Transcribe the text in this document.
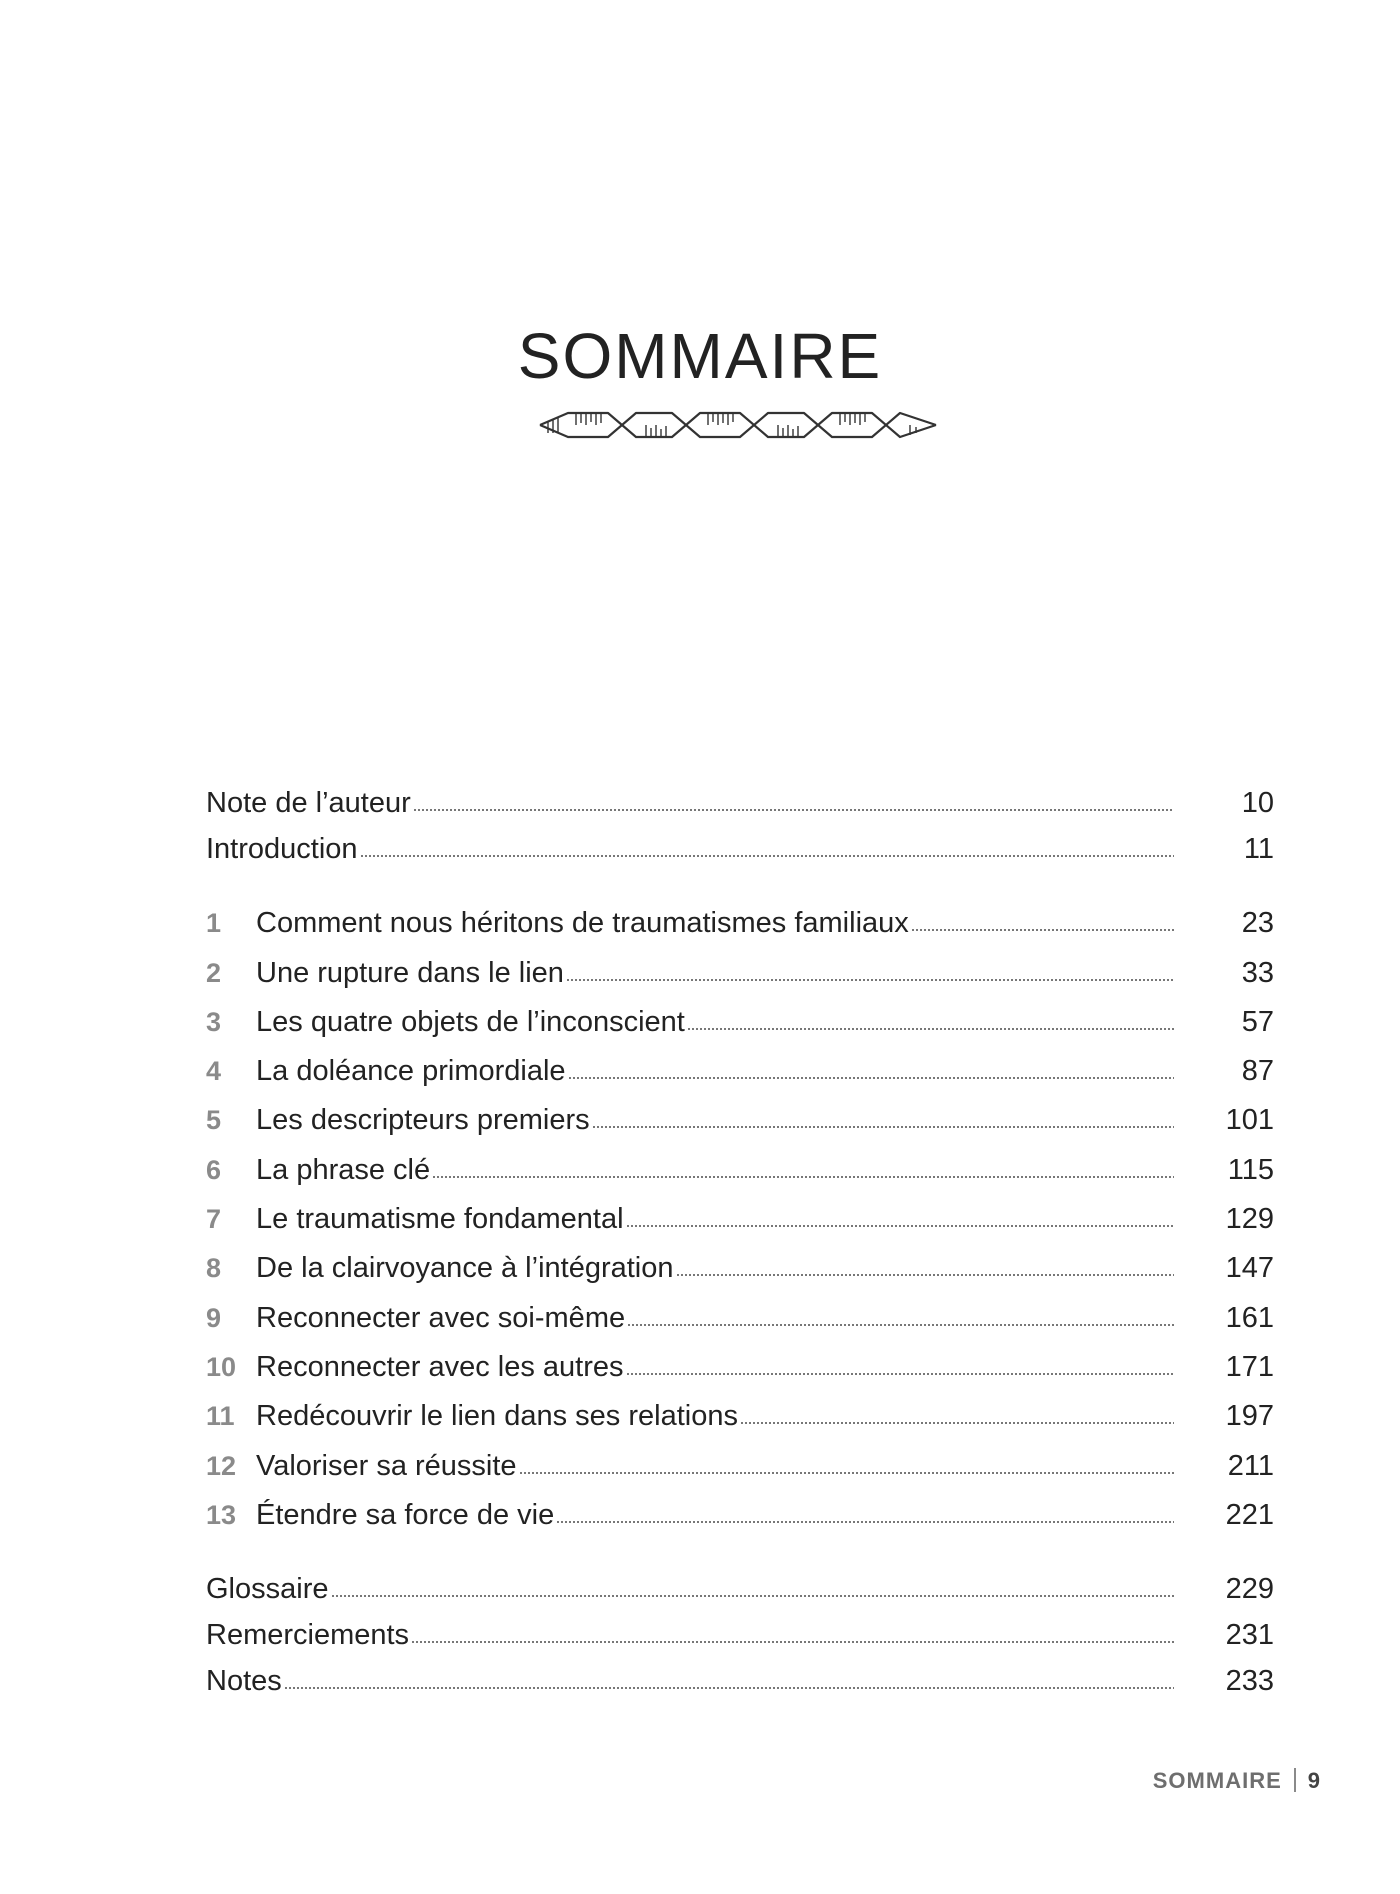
SOMMAIRE
Note de l’auteur	10
Introduction	11
1	Comment nous héritons de traumatismes familiaux	23
2	Une rupture dans le lien	33
3	Les quatre objets de l’inconscient	57
4	La doléance primordiale	87
5	Les descripteurs premiers	101
6	La phrase clé	115
7	Le traumatisme fondamental	129
8	De la clairvoyance à l’intégration	147
9	Reconnecter avec soi-même	161
10 Reconnecter avec les autres	171
11 Redécouvrir le lien dans ses relations	197
12 Valoriser sa réussite	211
13 Étendre sa force de vie	221
Glossaire	229
Remerciements	231
Notes	233
SOMMAIRE 9
